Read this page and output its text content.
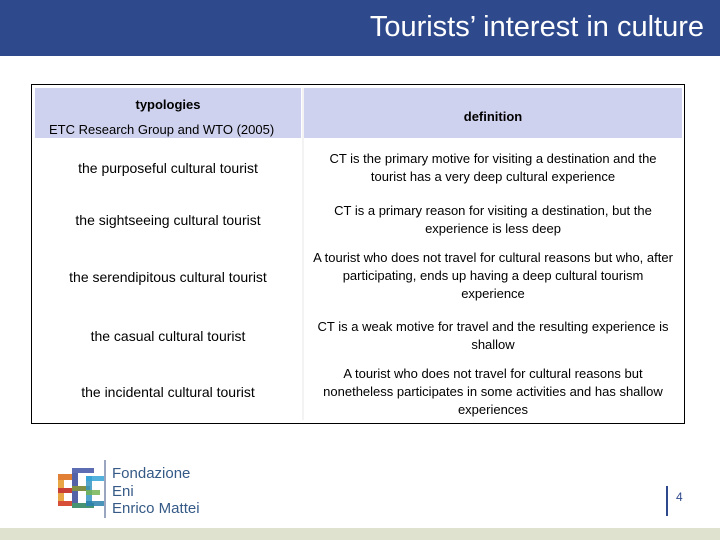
Tourists’ interest in culture
typologies
ETC Research Group and WTO (2005)
definition
the purposeful cultural tourist
CT is the primary motive for visiting a destination and the tourist has a very deep cultural experience
the sightseeing cultural tourist
CT is a primary reason for visiting a destination, but the experience is less deep
the serendipitous cultural tourist
A tourist who does not travel for cultural reasons but who, after participating, ends up having a deep cultural tourism experience
the casual cultural tourist
CT is a weak motive for travel and the resulting experience is shallow
the incidental cultural tourist
A tourist who does not travel for cultural reasons but nonetheless participates in some activities and has shallow experiences
Fondazione
Eni
Enrico Mattei
4
